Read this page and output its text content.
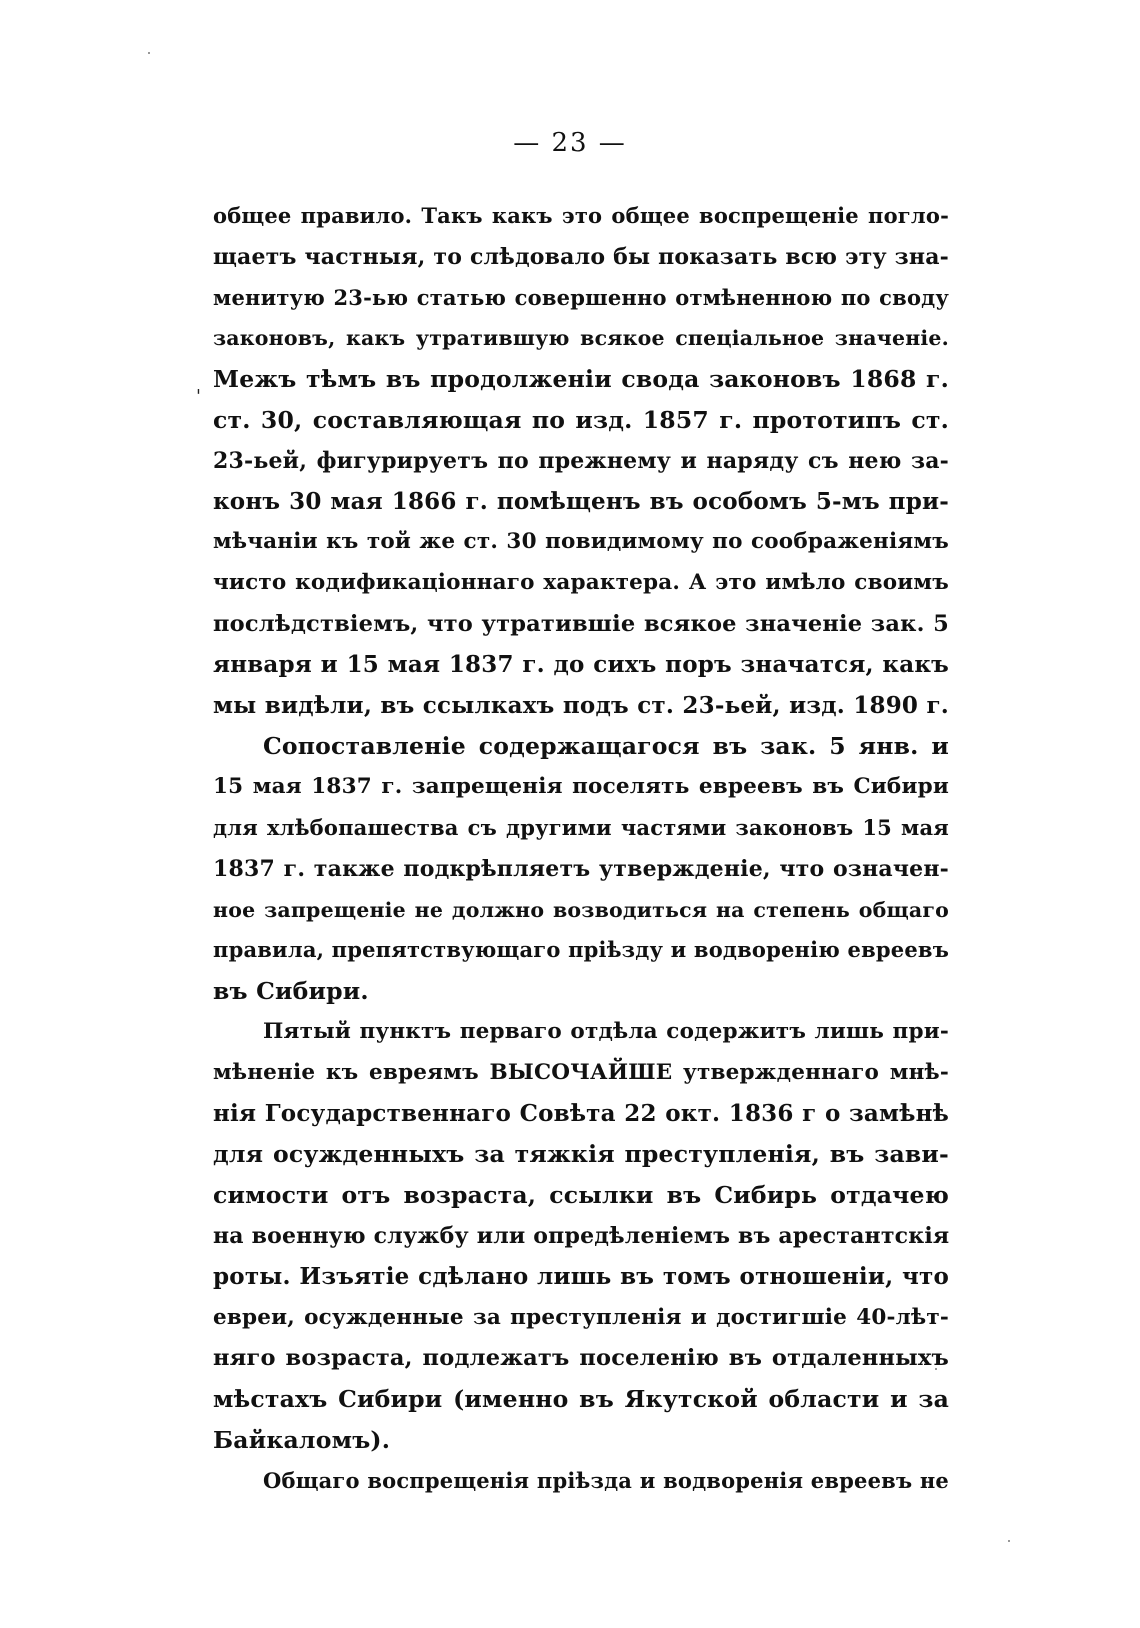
— 23 —
'
общее правило. Такъ какъ это общее воспрещеніе погло-
щаетъ частныя, то слѣдовало бы показать всю эту зна-
менитую 23-ью статью совершенно отмѣненною по своду
законовъ, какъ утратившую всякое спеціальное значеніе.
Межъ тѣмъ въ продолженіи свода законовъ 1868 г.
ст. 30, составляющая по изд. 1857 г. прототипъ ст.
23-ьей, фигурируетъ по прежнему и наряду съ нею за-
конъ 30 мая 1866 г. помѣщенъ въ особомъ 5-мъ при-
мѣчаніи къ той же ст. 30 повидимому по соображеніямъ
чисто кодификаціоннаго характера. А это имѣло своимъ
послѣдствіемъ, что утратившіе всякое значеніе зак. 5
января и 15 мая 1837 г. до сихъ поръ значатся, какъ
мы видѣли, въ ссылкахъ подъ ст. 23-ьей, изд. 1890 г.
Сопоставленіе содержащагося въ зак. 5 янв. и
15 мая 1837 г. запрещенія поселять евреевъ въ Сибири
для хлѣбопашества съ другими частями законовъ 15 мая
1837 г. также подкрѣпляетъ утвержденіе, что означен-
ное запрещеніе не должно возводиться на степень общаго
правила, препятствующаго пріѣзду и водворенію евреевъ
въ Сибири.
Пятый пунктъ перваго отдѣла содержитъ лишь при-
мѣненіе къ евреямъ ВЫСОЧАЙШЕ утвержденнаго мнѣ-
нія Государственнаго Совѣта 22 окт. 1836 г о замѣнѣ
для осужденныхъ за тяжкія преступленія, въ зави-
симости отъ возраста, ссылки въ Сибирь отдачею
на военную службу или опредѣленіемъ въ арестантскія
роты. Изъятіе сдѣлано лишь въ томъ отношеніи, что
евреи, осужденные за преступленія и достигшіе 40-лѣт-
няго возраста, подлежатъ поселенію въ отдаленныхъ
мѣстахъ Сибири (именно въ Якутской области и за
Байкаломъ).
Общаго воспрещенія пріѣзда и водворенія евреевъ не
